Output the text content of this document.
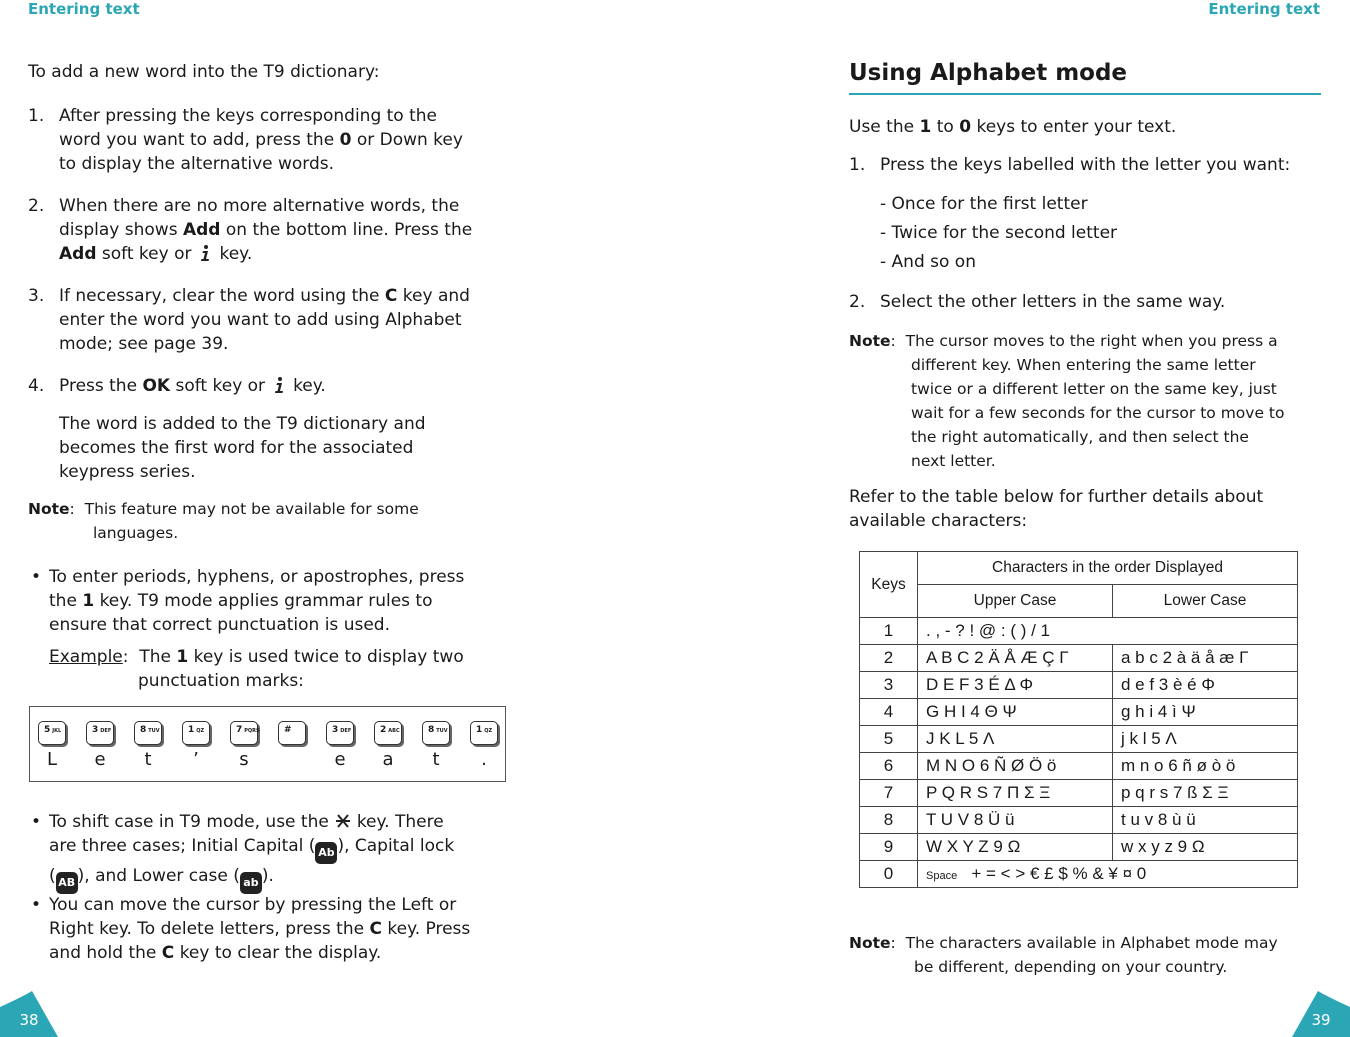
Entering text
To add a new word into the T9 dictionary:
1. After pressing the keys corresponding to the
word you want to add, press the 0 or Down key
to display the alternative words.
2. When there are no more alternative words, the
display shows Add on the bottom line. Press the
Add soft key or key.
3. If necessary, clear the word using the C key and
enter the word you want to add using Alphabet
mode; see page 39.
4. Press the OK soft key or key.
The word is added to the T9 dictionary and
becomes the first word for the associated
keypress series.
Note:  This feature may not be available for some
languages.
• To enter periods, hyphens, or apostrophes, press
the 1 key. T9 mode applies grammar rules to
ensure that correct punctuation is used.
Example:  The 1 key is used twice to display two
punctuation marks:
5 JKL
L
3 DEF
e
8 TUV
t
1 QZ
’
7 PQRS
s
#	3 DEF
e
2 ABC
a
8 TUV
t
1 QZ
.
• To shift case in T9 mode, use the key. There
are three cases; Initial Capital ( Ab ), Capital lock
( AB ), and Lower case ( ab ).
• You can move the cursor by pressing the Left or
Right key. To delete letters, press the C key. Press
and hold the C key to clear the display.
38
Entering text
Using Alphabet mode
Use the 1 to 0 keys to enter your text.
1. Press the keys labelled with the letter you want:
- Once for the first letter
- Twice for the second letter
- And so on
2. Select the other letters in the same way.
Note:  The cursor moves to the right when you press a
different key. When entering the same letter
twice or a different letter on the same key, just
wait for a few seconds for the cursor to move to
the right automatically, and then select the
next letter.
Refer to the table below for further details about
available characters:
Note:  The characters available in Alphabet mode may
be different, depending on your country.
39
Keys	Characters in the order Displayed	
	Upper Case	Lower Case
1	. , - ? ! @ : ( ) / 1	
2	A B C 2 Ä Å Æ Ç Γ	a b c 2 à ä å æ Γ
3	D E F 3 É Δ Φ	d e f 3 è é Φ
4	G H I 4 Θ Ψ	g h i 4 ì Ψ
5	J K L 5 Λ	j k l 5 Λ
6	M N O 6 Ñ Ø Ö ö	m n o 6 ñ ø ò ö
7	P Q R S 7 Π Σ Ξ	p q r s 7 ß Σ Ξ
8	T U V 8 Ü ü	t u v 8 ù ü
9	W X Y Z 9 Ω	w x y z 9 Ω
0	Space + = < > € £ $ % & ¥ ¤ 0	
